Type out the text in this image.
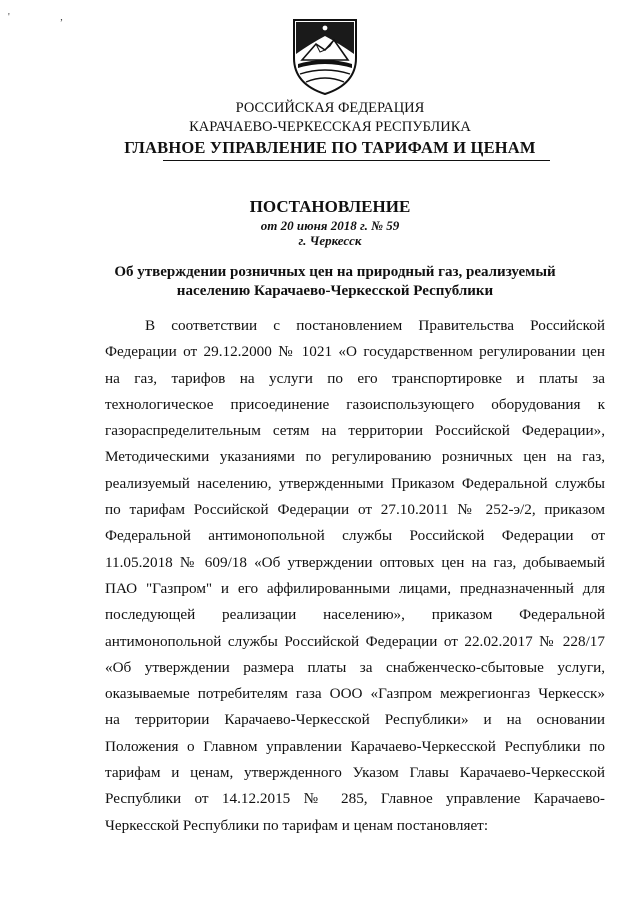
' ,
РОССИЙСКАЯ ФЕДЕРАЦИЯ
КАРАЧАЕВО-ЧЕРКЕССКАЯ РЕСПУБЛИКА
ГЛАВНОЕ УПРАВЛЕНИЕ ПО ТАРИФАМ И ЦЕНАМ
ПОСТАНОВЛЕНИЕ
от 20 июня 2018 г. № 59
г. Черкесск
Об утверждении розничных цен на природный газ, реализуемый
населению Карачаево-Черкесской Республики
В соответствии с постановлением Правительства Российской
Федерации от 29.12.2000 № 1021 «О государственном регулировании цен
на газ, тарифов на услуги по его транспортировке и платы за
технологическое присоединение газоиспользующего оборудования к
газораспределительным сетям на территории Российской Федерации»,
Методическими указаниями по регулированию розничных цен на газ,
реализуемый населению, утвержденными Приказом Федеральной службы
по тарифам Российской Федерации от 27.10.2011 № 252-э/2, приказом
Федеральной антимонопольной службы Российской Федерации от
11.05.2018 № 609/18 «Об утверждении оптовых цен на газ, добываемый
ПАО "Газпром" и его аффилированными лицами, предназначенный для
последующей реализации населению», приказом Федеральной
антимонопольной службы Российской Федерации от 22.02.2017 № 228/17
«Об утверждении размера платы за снабженческо-сбытовые услуги,
оказываемые потребителям газа ООО «Газпром межрегионгаз Черкесск»
на территории Карачаево-Черкесской Республики» и на основании
Положения о Главном управлении Карачаево-Черкесской Республики по
тарифам и ценам, утвержденного Указом Главы Карачаево-Черкесской
Республики от 14.12.2015 № 285, Главное управление Карачаево-
Черкесской Республики по тарифам и ценам постановляет:
